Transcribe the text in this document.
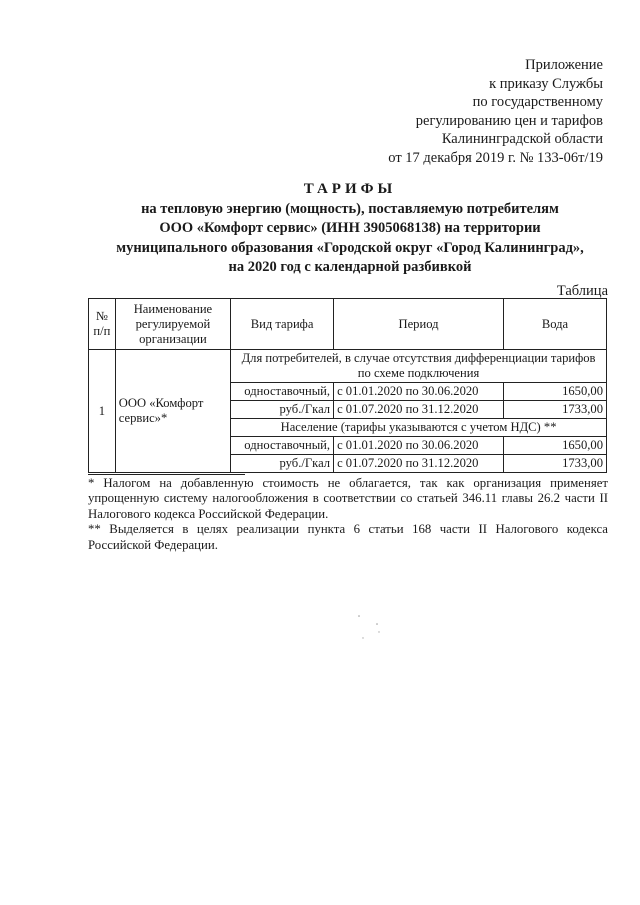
Приложение
к приказу Службы
по государственному
регулированию цен и тарифов
Калининградской области
от 17 декабря 2019 г. № 133-06т/19
ТАРИФЫ
на тепловую энергию (мощность), поставляемую потребителям
ООО «Комфорт сервис» (ИНН 3905068138) на территории
муниципального образования «Городской округ «Город Калининград»,
на 2020 год с календарной разбивкой
Таблица
№ п/п	Наименование регулируемой организации	Вид тарифа	Период	Вода
1	ООО «Комфорт сервис»*	Для потребителей, в случае отсутствия дифференциации тарифов по схеме подключения		
		одноставочный,	с 01.01.2020 по 30.06.2020	1650,00
		руб./Гкал	с 01.07.2020 по 31.12.2020	1733,00
		Население (тарифы указываются с учетом НДС) **		
		одноставочный,	с 01.01.2020 по 30.06.2020	1650,00
		руб./Гкал	с 01.07.2020 по 31.12.2020	1733,00

* Налогом на добавленную стоимость не облагается, так как организация применяет упрощенную систему налогообложения в соответствии со статьей 346.11 главы 26.2 части II Налогового кодекса Российской Федерации.

** Выделяется в целях реализации пункта 6 статьи 168 части II Налогового кодекса Российской Федерации.
